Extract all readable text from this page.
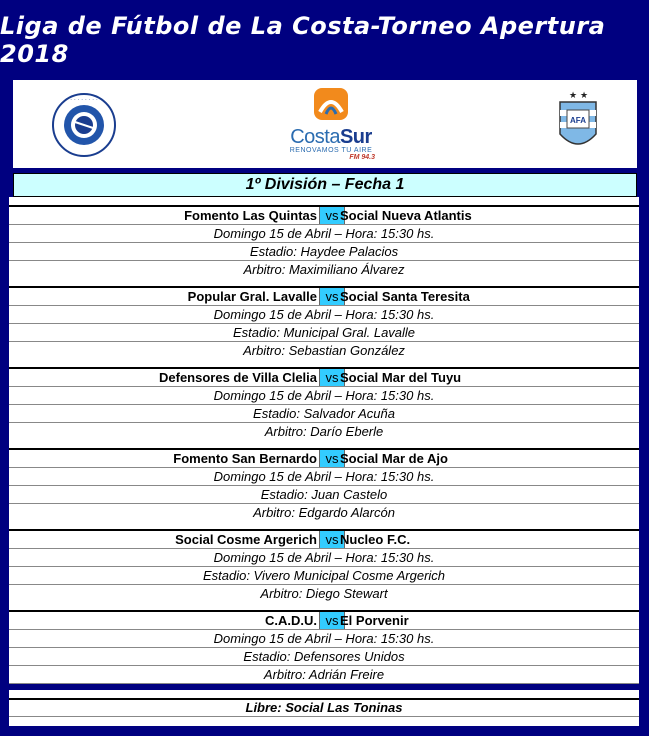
Liga de Fútbol de La Costa-Torneo Apertura 2018
· · · · · · · ·
CostaSur
RENOVAMOS TU AIRE
FM 94.3
★ ★
AFA
1º División – Fecha 1
Fomento Las Quintas vs Social Nueva Atlantis
Domingo 15 de Abril – Hora: 15:30 hs.
Estadio: Haydee Palacios
Arbitro: Maximiliano Álvarez
Popular Gral. Lavalle vs Social Santa Teresita
Domingo 15 de Abril – Hora: 15:30 hs.
Estadio: Municipal Gral. Lavalle
Arbitro: Sebastian González
Defensores de Villa Clelia vs Social Mar del Tuyu
Domingo 15 de Abril – Hora: 15:30 hs.
Estadio: Salvador Acuña
Arbitro: Darío Eberle
Fomento San Bernardo vs Social Mar de Ajo
Domingo 15 de Abril – Hora: 15:30 hs.
Estadio: Juan Castelo
Arbitro: Edgardo Alarcón
Social Cosme Argerich vs Nucleo F.C.
Domingo 15 de Abril – Hora: 15:30 hs.
Estadio: Vivero Municipal Cosme Argerich
Arbitro: Diego Stewart
C.A.D.U. vs El Porvenir
Domingo 15 de Abril – Hora: 15:30 hs.
Estadio: Defensores Unidos
Arbitro: Adrián Freire
Libre: Social Las Toninas
